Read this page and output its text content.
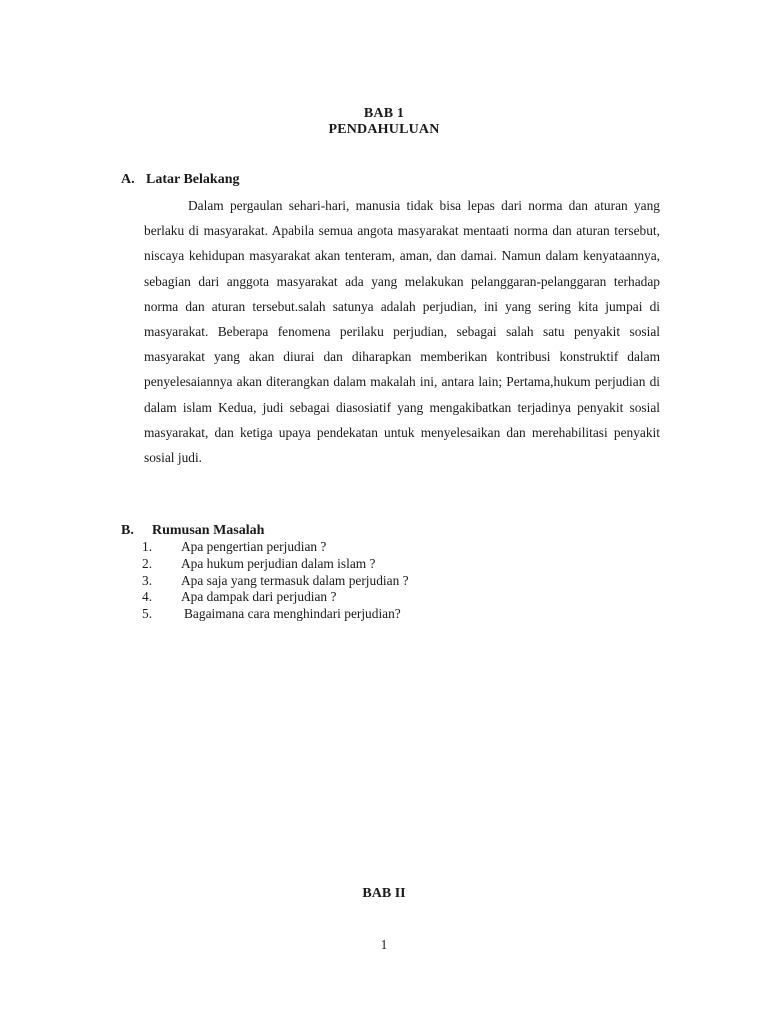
BAB 1
PENDAHULUAN
A. Latar Belakang

Dalam pergaulan sehari-hari, manusia tidak bisa lepas dari norma dan aturan yang berlaku di masyarakat. Apabila semua angota masyarakat mentaati norma dan aturan tersebut, niscaya kehidupan masyarakat akan tenteram, aman, dan damai. Namun dalam kenyataannya, sebagian dari anggota masyarakat ada yang melakukan pelanggaran-pelanggaran terhadap norma dan aturan tersebut.salah satunya adalah perjudian, ini yang sering kita jumpai di masyarakat. Beberapa fenomena perilaku perjudian, sebagai salah satu penyakit sosial masyarakat yang akan diurai dan diharapkan memberikan kontribusi konstruktif dalam penyelesaiannya akan diterangkan dalam makalah ini, antara lain; Pertama,hukum perjudian di dalam islam Kedua, judi sebagai diasosiatif yang mengakibatkan terjadinya penyakit sosial masyarakat, dan ketiga upaya pendekatan untuk menyelesaikan dan merehabilitasi penyakit sosial judi.

B. Rumusan Masalah
1. Apa pengertian perjudian ?
2. Apa hukum perjudian dalam islam ?
3. Apa saja yang termasuk dalam perjudian ?
4. Apa dampak dari perjudian ?
5. Bagaimana cara menghindari perjudian?
BAB II
1
